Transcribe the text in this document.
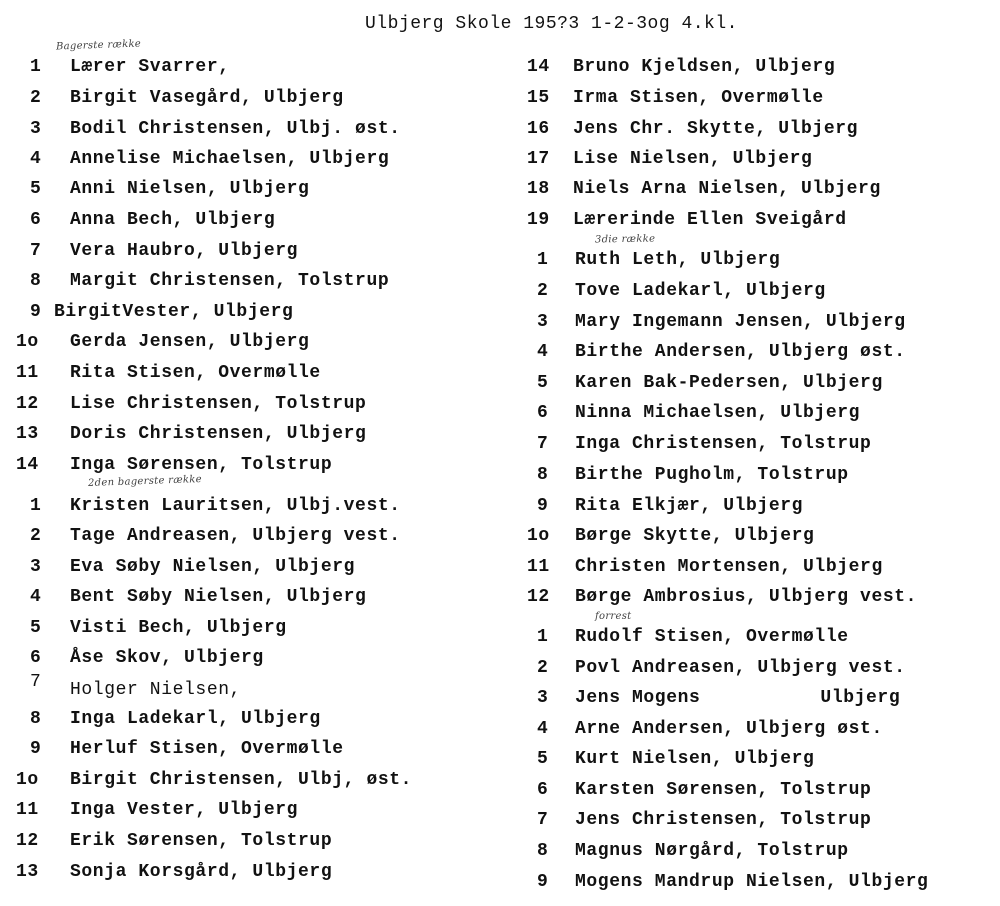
Ulbjerg Skole 195?3 1-2-3og 4.kl.
Bagerste række
1 Lærer Svarrer,
2 Birgit Vasegård, Ulbjerg
3 Bodil Christensen, Ulbj. øst.
4 Annelise Michaelsen, Ulbjerg
5 Anni Nielsen, Ulbjerg
6 Anna Bech, Ulbjerg
7 Vera Haubro, Ulbjerg
8 Margit Christensen, Tolstrup
9 BirgitVester, Ulbjerg
1o Gerda Jensen, Ulbjerg
11 Rita Stisen, Overmølle
12 Lise Christensen, Tolstrup
13 Doris Christensen, Ulbjerg
14 Inga Sørensen, Tolstrup
2den bagerste række
1 Kristen Lauritsen, Ulbj.vest.
2 Tage Andreasen, Ulbjerg vest.
3 Eva Søby Nielsen, Ulbjerg
4 Bent Søby Nielsen, Ulbjerg
5 Visti Bech, Ulbjerg
6 Åse Skov, Ulbjerg
7 Holger Nielsen,
8 Inga Ladekarl, Ulbjerg
9 Herluf Stisen, Overmølle
1o Birgit Christensen, Ulbj, øst.
11 Inga Vester, Ulbjerg
12 Erik Sørensen, Tolstrup
13 Sonja Korsgård, Ulbjerg
14 Bruno Kjeldsen, Ulbjerg
15 Irma Stisen, Overmølle
16 Jens Chr. Skytte, Ulbjerg
17 Lise Nielsen, Ulbjerg
18 Niels Arna Nielsen, Ulbjerg
19 Lærerinde Ellen Sveigård
3die række
1 Ruth Leth, Ulbjerg
2 Tove Ladekarl, Ulbjerg
3 Mary Ingemann Jensen, Ulbjerg
4 Birthe Andersen, Ulbjerg øst.
5 Karen Bak-Pedersen, Ulbjerg
6 Ninna Michaelsen, Ulbjerg
7 Inga Christensen, Tolstrup
8 Birthe Pugholm, Tolstrup
9 Rita Elkjær, Ulbjerg
1o Børge Skytte, Ulbjerg
11 Christen Mortensen, Ulbjerg
12 Børge Ambrosius, Ulbjerg vest.
forrest
1 Rudolf Stisen, Overmølle
2 Povl Andreasen, Ulbjerg vest.
3 Jens Mogens	Ulbjerg
4 Arne Andersen, Ulbjerg øst.
5 Kurt Nielsen, Ulbjerg
6 Karsten Sørensen, Tolstrup
7 Jens Christensen, Tolstrup
8 Magnus Nørgård, Tolstrup
9 Mogens Mandrup Nielsen, Ulbjerg
